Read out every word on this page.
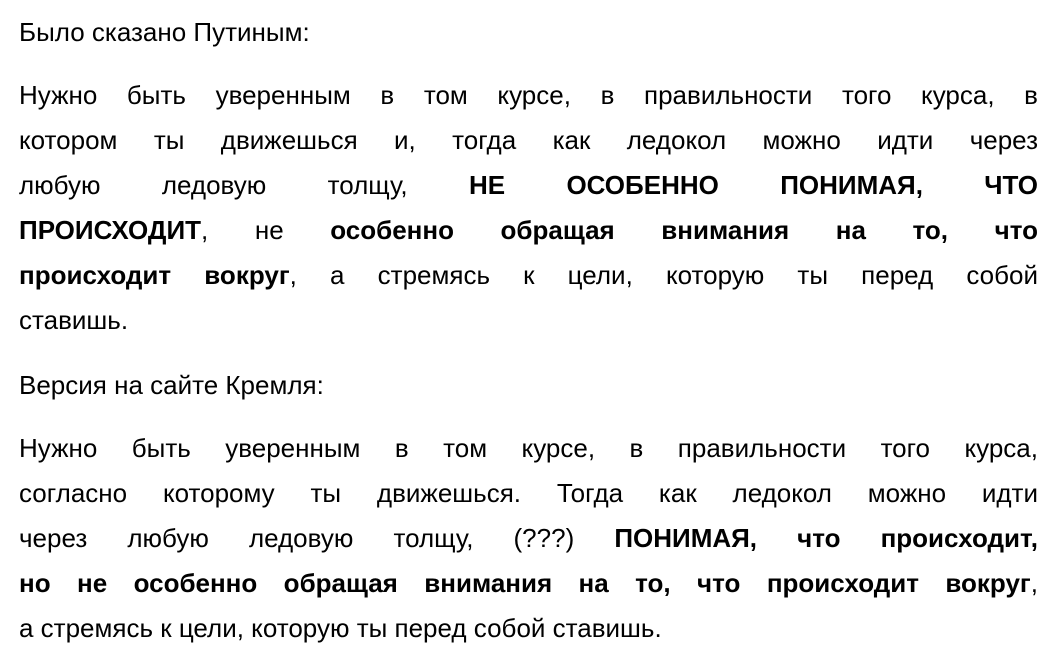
Было сказано Путиным:
Нужно быть уверенным в том курсе, в правильности того курса, в
котором ты движешься и, тогда как ледокол можно идти через
любую ледовую толщу, НЕ ОСОБЕННО ПОНИМАЯ, ЧТО
ПРОИСХОДИТ, не особенно обращая внимания на то, что
происходит вокруг, а стремясь к цели, которую ты перед собой
ставишь.
Версия на сайте Кремля:
Нужно быть уверенным в том курсе, в правильности того курса,
согласно которому ты движешься. Тогда как ледокол можно идти
через любую ледовую толщу, (???) ПОНИМАЯ, что происходит,
но не особенно обращая внимания на то, что происходит вокруг,
а стремясь к цели, которую ты перед собой ставишь.
